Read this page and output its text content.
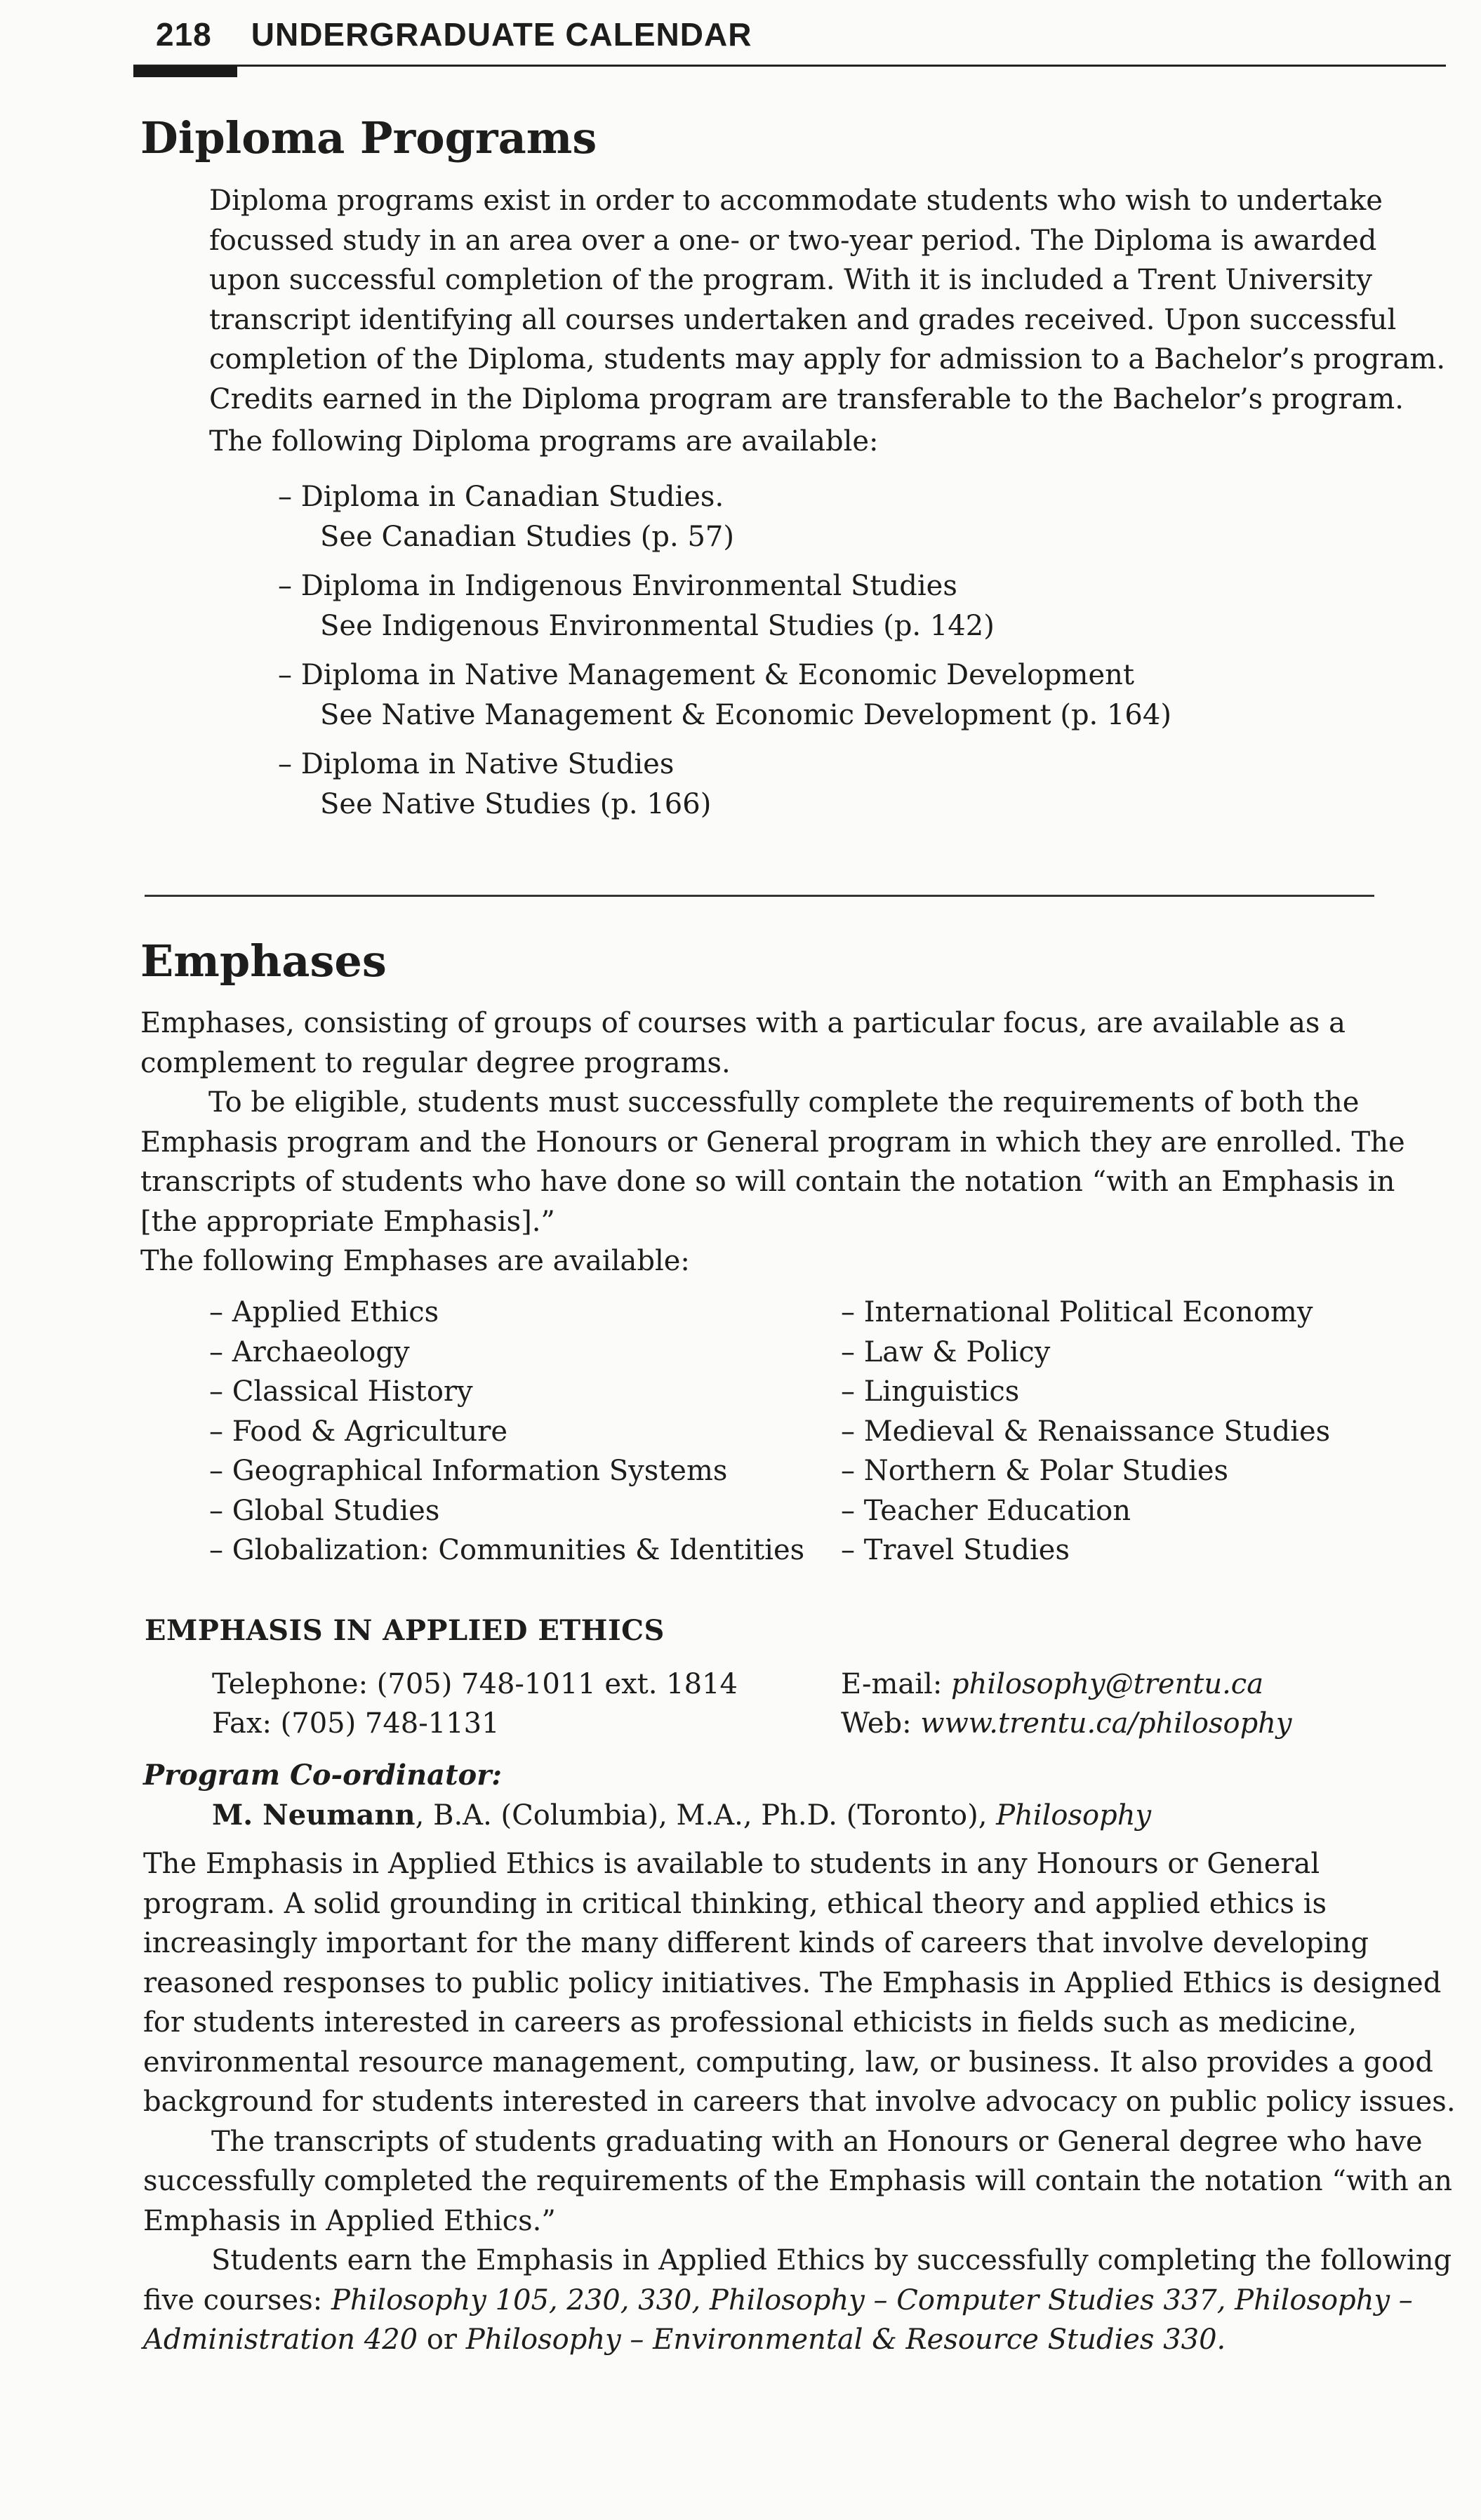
218 UNDERGRADUATE CALENDAR
Diploma Programs

Diploma programs exist in order to accommodate students who wish to undertake focussed study in an area over a one- or two-year period. The Diploma is awarded upon successful completion of the program. With it is included a Trent University transcript identifying all courses undertaken and grades received. Upon successful completion of the Diploma, students may apply for admission to a Bachelor’s program. Credits earned in the Diploma program are transferable to the Bachelor’s program.

The following Diploma programs are available:

– Diploma in Canadian Studies.
See Canadian Studies (p. 57)
– Diploma in Indigenous Environmental Studies
See Indigenous Environmental Studies (p. 142)
– Diploma in Native Management & Economic Development
See Native Management & Economic Development (p. 164)
– Diploma in Native Studies
See Native Studies (p. 166)
Emphases

Emphases, consisting of groups of courses with a particular focus, are available as a complement to regular degree programs.

To be eligible, students must successfully complete the requirements of both the Emphasis program and the Honours or General program in which they are enrolled. The transcripts of students who have done so will contain the notation “with an Emphasis in [the appropriate Emphasis].”

The following Emphases are available:

– Applied Ethics
– Archaeology
– Classical History
– Food & Agriculture
– Geographical Information Systems
– Global Studies
– Globalization: Communities & Identities
– International Political Economy
– Law & Policy
– Linguistics
– Medieval & Renaissance Studies
– Northern & Polar Studies
– Teacher Education
– Travel Studies
EMPHASIS IN APPLIED ETHICS
Telephone: (705) 748-1011 ext. 1814
Fax: (705) 748-1131
E-mail: philosophy@trentu.ca
Web: www.trentu.ca/philosophy
Program Co-ordinator:
M. Neumann, B.A. (Columbia), M.A., Ph.D. (Toronto), Philosophy

The Emphasis in Applied Ethics is available to students in any Honours or General program. A solid grounding in critical thinking, ethical theory and applied ethics is increasingly important for the many different kinds of careers that involve developing reasoned responses to public policy initiatives. The Emphasis in Applied Ethics is designed for students interested in careers as professional ethicists in fields such as medicine, environmental resource management, computing, law, or business. It also provides a good background for students interested in careers that involve advocacy on public policy issues.

The transcripts of students graduating with an Honours or General degree who have successfully completed the requirements of the Emphasis will contain the notation “with an Emphasis in Applied Ethics.”

Students earn the Emphasis in Applied Ethics by successfully completing the following five courses: Philosophy 105, 230, 330, Philosophy – Computer Studies 337, Philosophy – Administration 420 or Philosophy – Environmental & Resource Studies 330.
